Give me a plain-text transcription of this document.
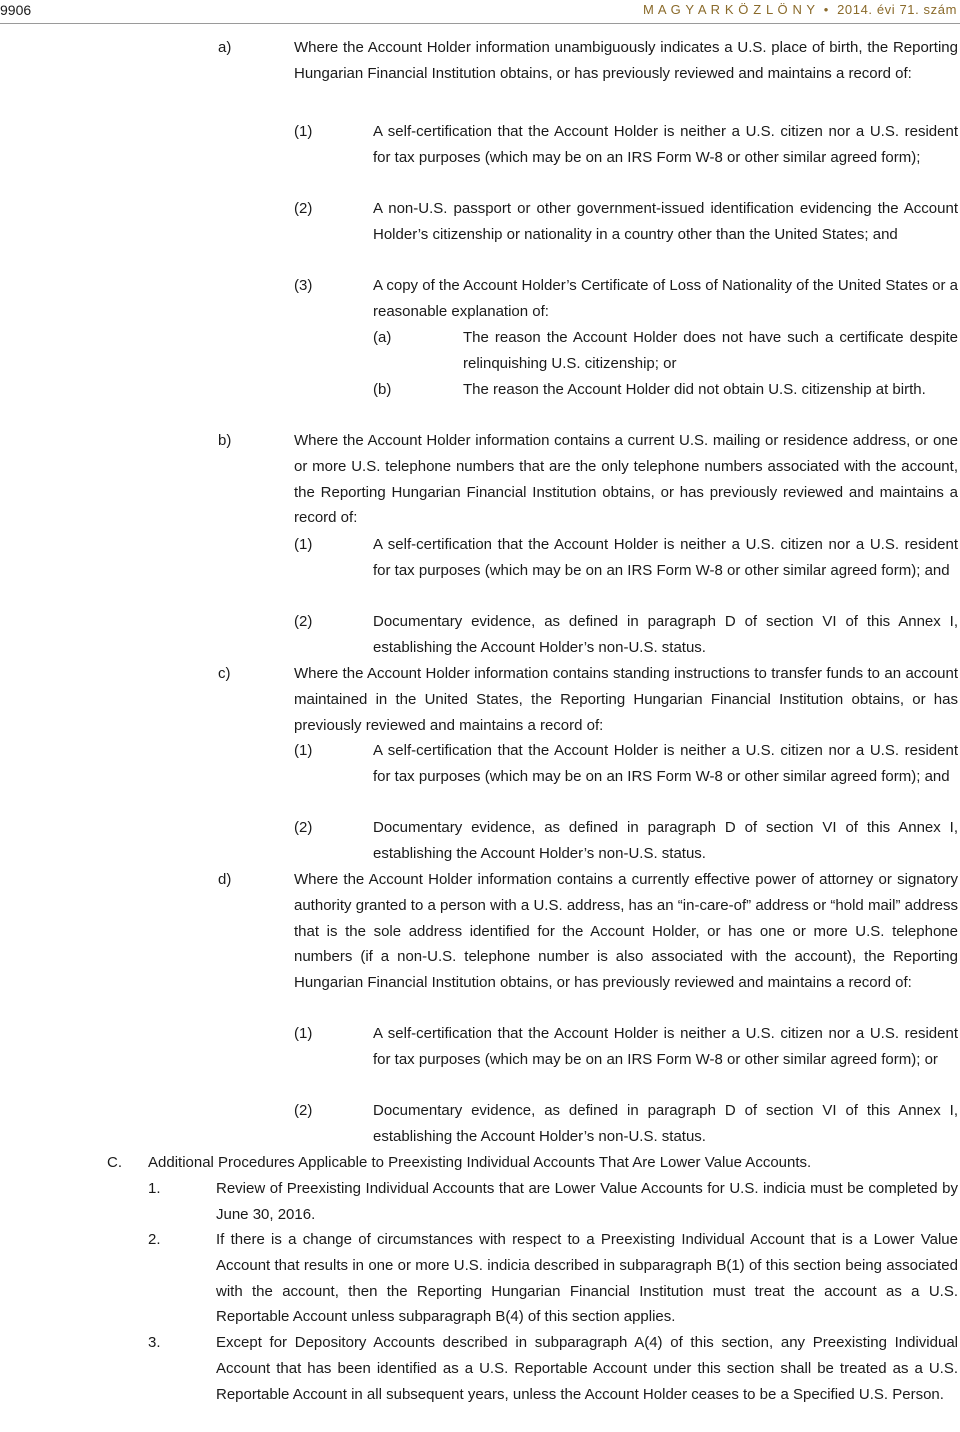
9906	M A G Y A R K Ö Z L Ö N Y • 2014. évi 71. szám
a)	Where the Account Holder information unambiguously indicates a U.S. place of birth, the Reporting Hungarian Financial Institution obtains, or has previously reviewed and maintains a record of:
(1)	A self-certification that the Account Holder is neither a U.S. citizen nor a U.S. resident for tax purposes (which may be on an IRS Form W-8 or other similar agreed form);
(2)	A non-U.S. passport or other government-issued identification evidencing the Account Holder’s citizenship or nationality in a country other than the United States; and
(3)	A copy of the Account Holder’s Certificate of Loss of Nationality of the United States or a reasonable explanation of:
(a)	The reason the Account Holder does not have such a certificate despite relinquishing U.S. citizenship; or
(b)	The reason the Account Holder did not obtain U.S. citizenship at birth.
b)	Where the Account Holder information contains a current U.S. mailing or residence address, or one or more U.S. telephone numbers that are the only telephone numbers associated with the account, the Reporting Hungarian Financial Institution obtains, or has previously reviewed and maintains a record of:
(1)	A self-certification that the Account Holder is neither a U.S. citizen nor a U.S. resident for tax purposes (which may be on an IRS Form W-8 or other similar agreed form); and
(2)	Documentary evidence, as defined in paragraph D of section VI of this Annex I, establishing the Account Holder’s non-U.S. status.
c)	Where the Account Holder information contains standing instructions to transfer funds to an account maintained in the United States, the Reporting Hungarian Financial Institution obtains, or has previously reviewed and maintains a record of:
(1)	A self-certification that the Account Holder is neither a U.S. citizen nor a U.S. resident for tax purposes (which may be on an IRS Form W-8 or other similar agreed form); and
(2)	Documentary evidence, as defined in paragraph D of section VI of this Annex I, establishing the Account Holder’s non-U.S. status.
d)	Where the Account Holder information contains a currently effective power of attorney or signatory authority granted to a person with a U.S. address, has an “in-care-of” address or “hold mail” address that is the sole address identified for the Account Holder, or has one or more U.S. telephone numbers (if a non-U.S. telephone number is also associated with the account), the Reporting Hungarian Financial Institution obtains, or has previously reviewed and maintains a record of:
(1)	A self-certification that the Account Holder is neither a U.S. citizen nor a U.S. resident for tax purposes (which may be on an IRS Form W-8 or other similar agreed form); or
(2)	Documentary evidence, as defined in paragraph D of section VI of this Annex I, establishing the Account Holder’s non-U.S. status.
C. Additional Procedures Applicable to Preexisting Individual Accounts That Are Lower Value Accounts.
1.	Review of Preexisting Individual Accounts that are Lower Value Accounts for U.S. indicia must be completed by June 30, 2016.
2.	If there is a change of circumstances with respect to a Preexisting Individual Account that is a Lower Value Account that results in one or more U.S. indicia described in subparagraph B(1) of this section being associated with the account, then the Reporting Hungarian Financial Institution must treat the account as a U.S. Reportable Account unless subparagraph B(4) of this section applies.
3.	Except for Depository Accounts described in subparagraph A(4) of this section, any Preexisting Individual Account that has been identified as a U.S. Reportable Account under this section shall be treated as a U.S. Reportable Account in all subsequent years, unless the Account Holder ceases to be a Specified U.S. Person.
